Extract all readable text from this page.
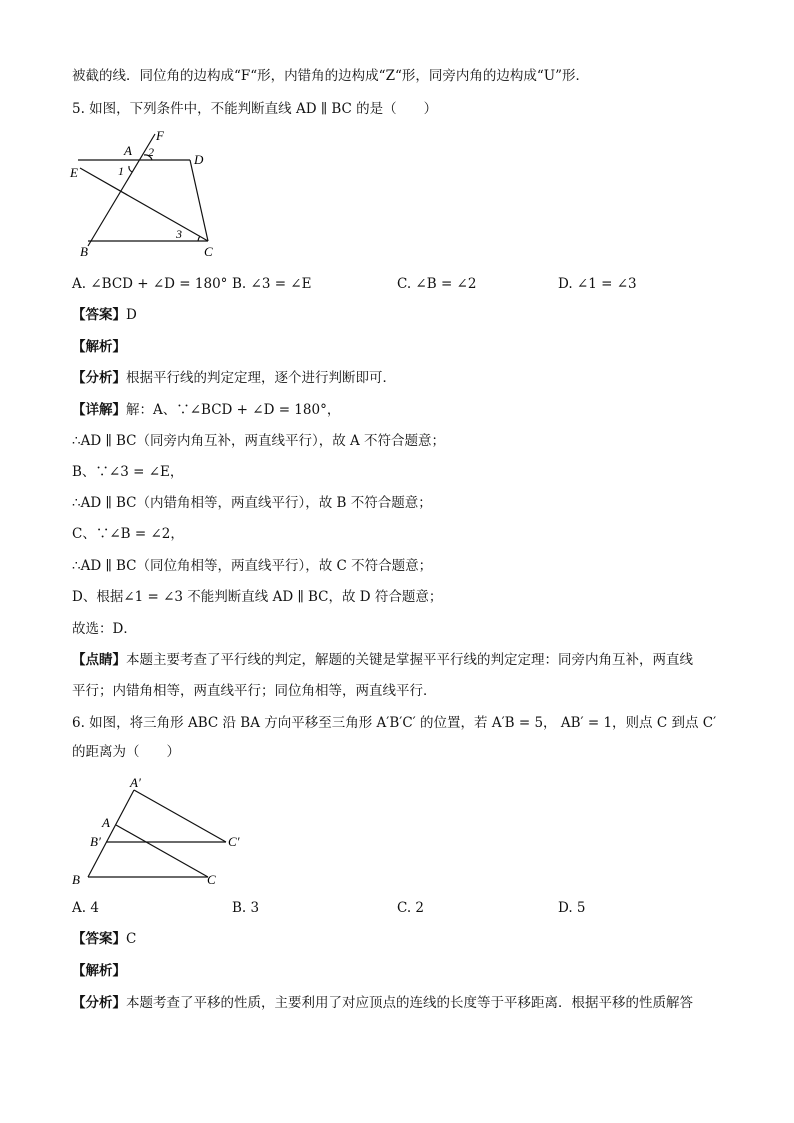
被截的线．同位角的边构成“F“形，内错角的边构成“Z“形，同旁内角的边构成“U”形．
5. 如图，下列条件中，不能判断直线 AD ∥ BC 的是（　　）
F
A 2	D
E	1
B
3
C
A. ∠BCD + ∠D = 180° B. ∠3 = ∠E	C. ∠B = ∠2	D. ∠1 = ∠3
【答案】D
【解析】
【分析】根据平行线的判定定理，逐个进行判断即可．
【详解】解：A、∵∠BCD + ∠D = 180°，
∴AD ∥ BC（同旁内角互补，两直线平行），故 A 不符合题意；
B、∵∠3 = ∠E，
∴AD ∥ BC（内错角相等，两直线平行），故 B 不符合题意；
C、∵∠B = ∠2，
∴AD ∥ BC（同位角相等，两直线平行），故 C 不符合题意；
D、根据∠1 = ∠3 不能判断直线 AD ∥ BC，故 D 符合题意；
故选：D．
【点睛】本题主要考查了平行线的判定，解题的关键是掌握平平行线的判定定理：同旁内角互补，两直线
平行；内错角相等，两直线平行；同位角相等，两直线平行．
6. 如图，将三角形 ABC 沿 BA 方向平移至三角形 A′B′C′ 的位置，若 A′B = 5， AB′ = 1，则点 C 到点 C′
的距离为（　　）
A′
A
B′	C′
B	C
A. 4	B. 3	C. 2	D. 5
【答案】C
【解析】
【分析】本题考查了平移的性质，主要利用了对应顶点的连线的长度等于平移距离．根据平移的性质解答
